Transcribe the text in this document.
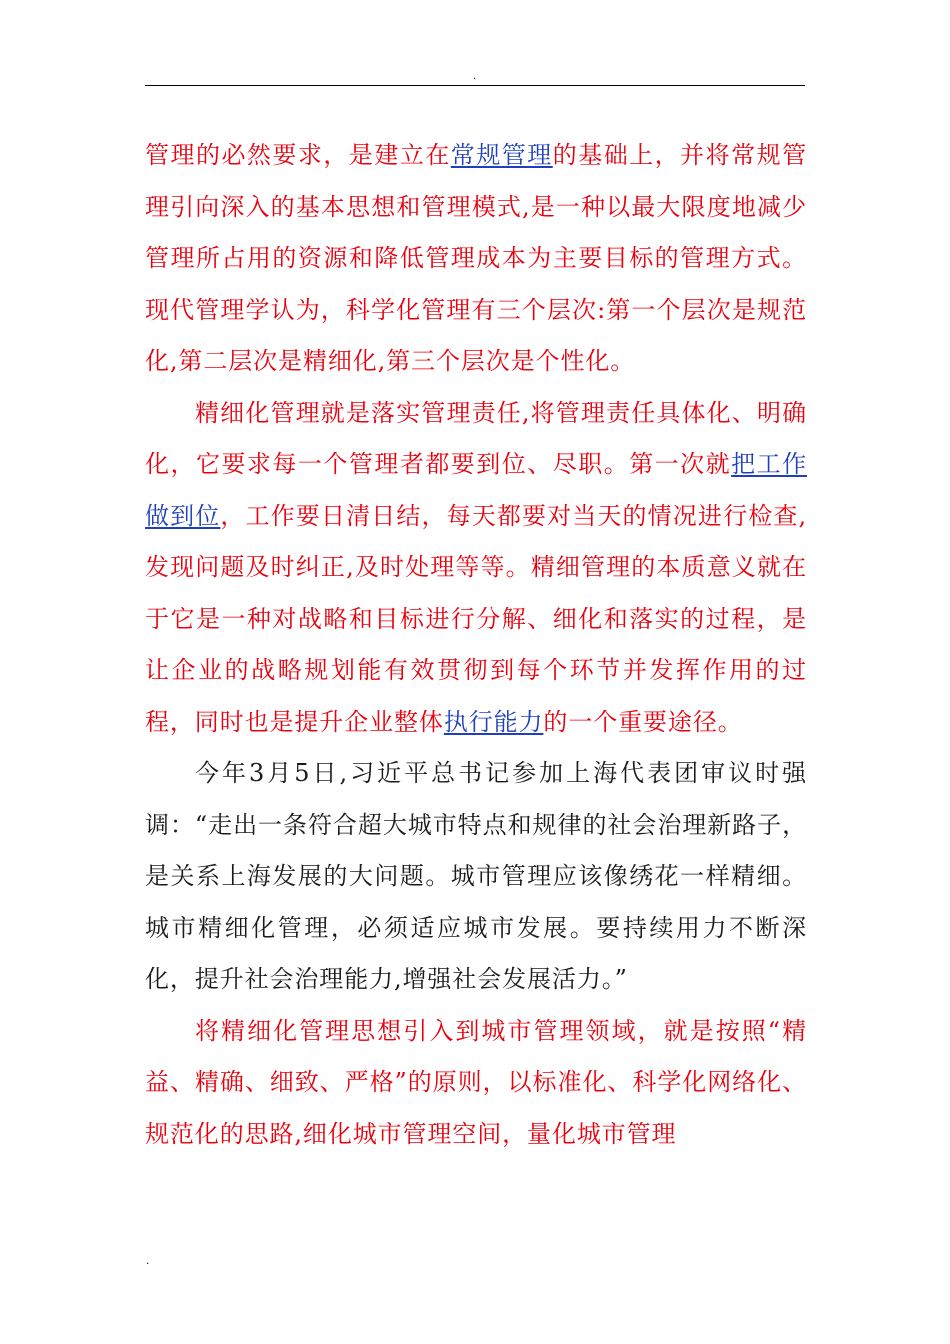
.

管理的必然要求，是建立在常规管理的基础上，并将常规管理引向深入的基本思想和管理模式,是一种以最大限度地减少管理所占用的资源和降低管理成本为主要目标的管理方式。现代管理学认为，科学化管理有三个层次:第一个层次是规范化,第二层次是精细化,第三个层次是个性化。

精细化管理就是落实管理责任,将管理责任具体化、明确化，它要求每一个管理者都要到位、尽职。第一次就把工作做到位，工作要日清日结，每天都要对当天的情况进行检查,发现问题及时纠正,及时处理等等。精细管理的本质意义就在于它是一种对战略和目标进行分解、细化和落实的过程，是让企业的战略规划能有效贯彻到每个环节并发挥作用的过程，同时也是提升企业整体执行能力的一个重要途径。

今年3月5日,习近平总书记参加上海代表团审议时强调：“走出一条符合超大城市特点和规律的社会治理新路子，是关系上海发展的大问题。城市管理应该像绣花一样精细。城市精细化管理，必须适应城市发展。要持续用力不断深化，提升社会治理能力,增强社会发展活力。”

将精细化管理思想引入到城市管理领域，就是按照“精益、精确、细致、严格”的原则，以标准化、科学化网络化、规范化的思路,细化城市管理空间，量化城市管理

.
